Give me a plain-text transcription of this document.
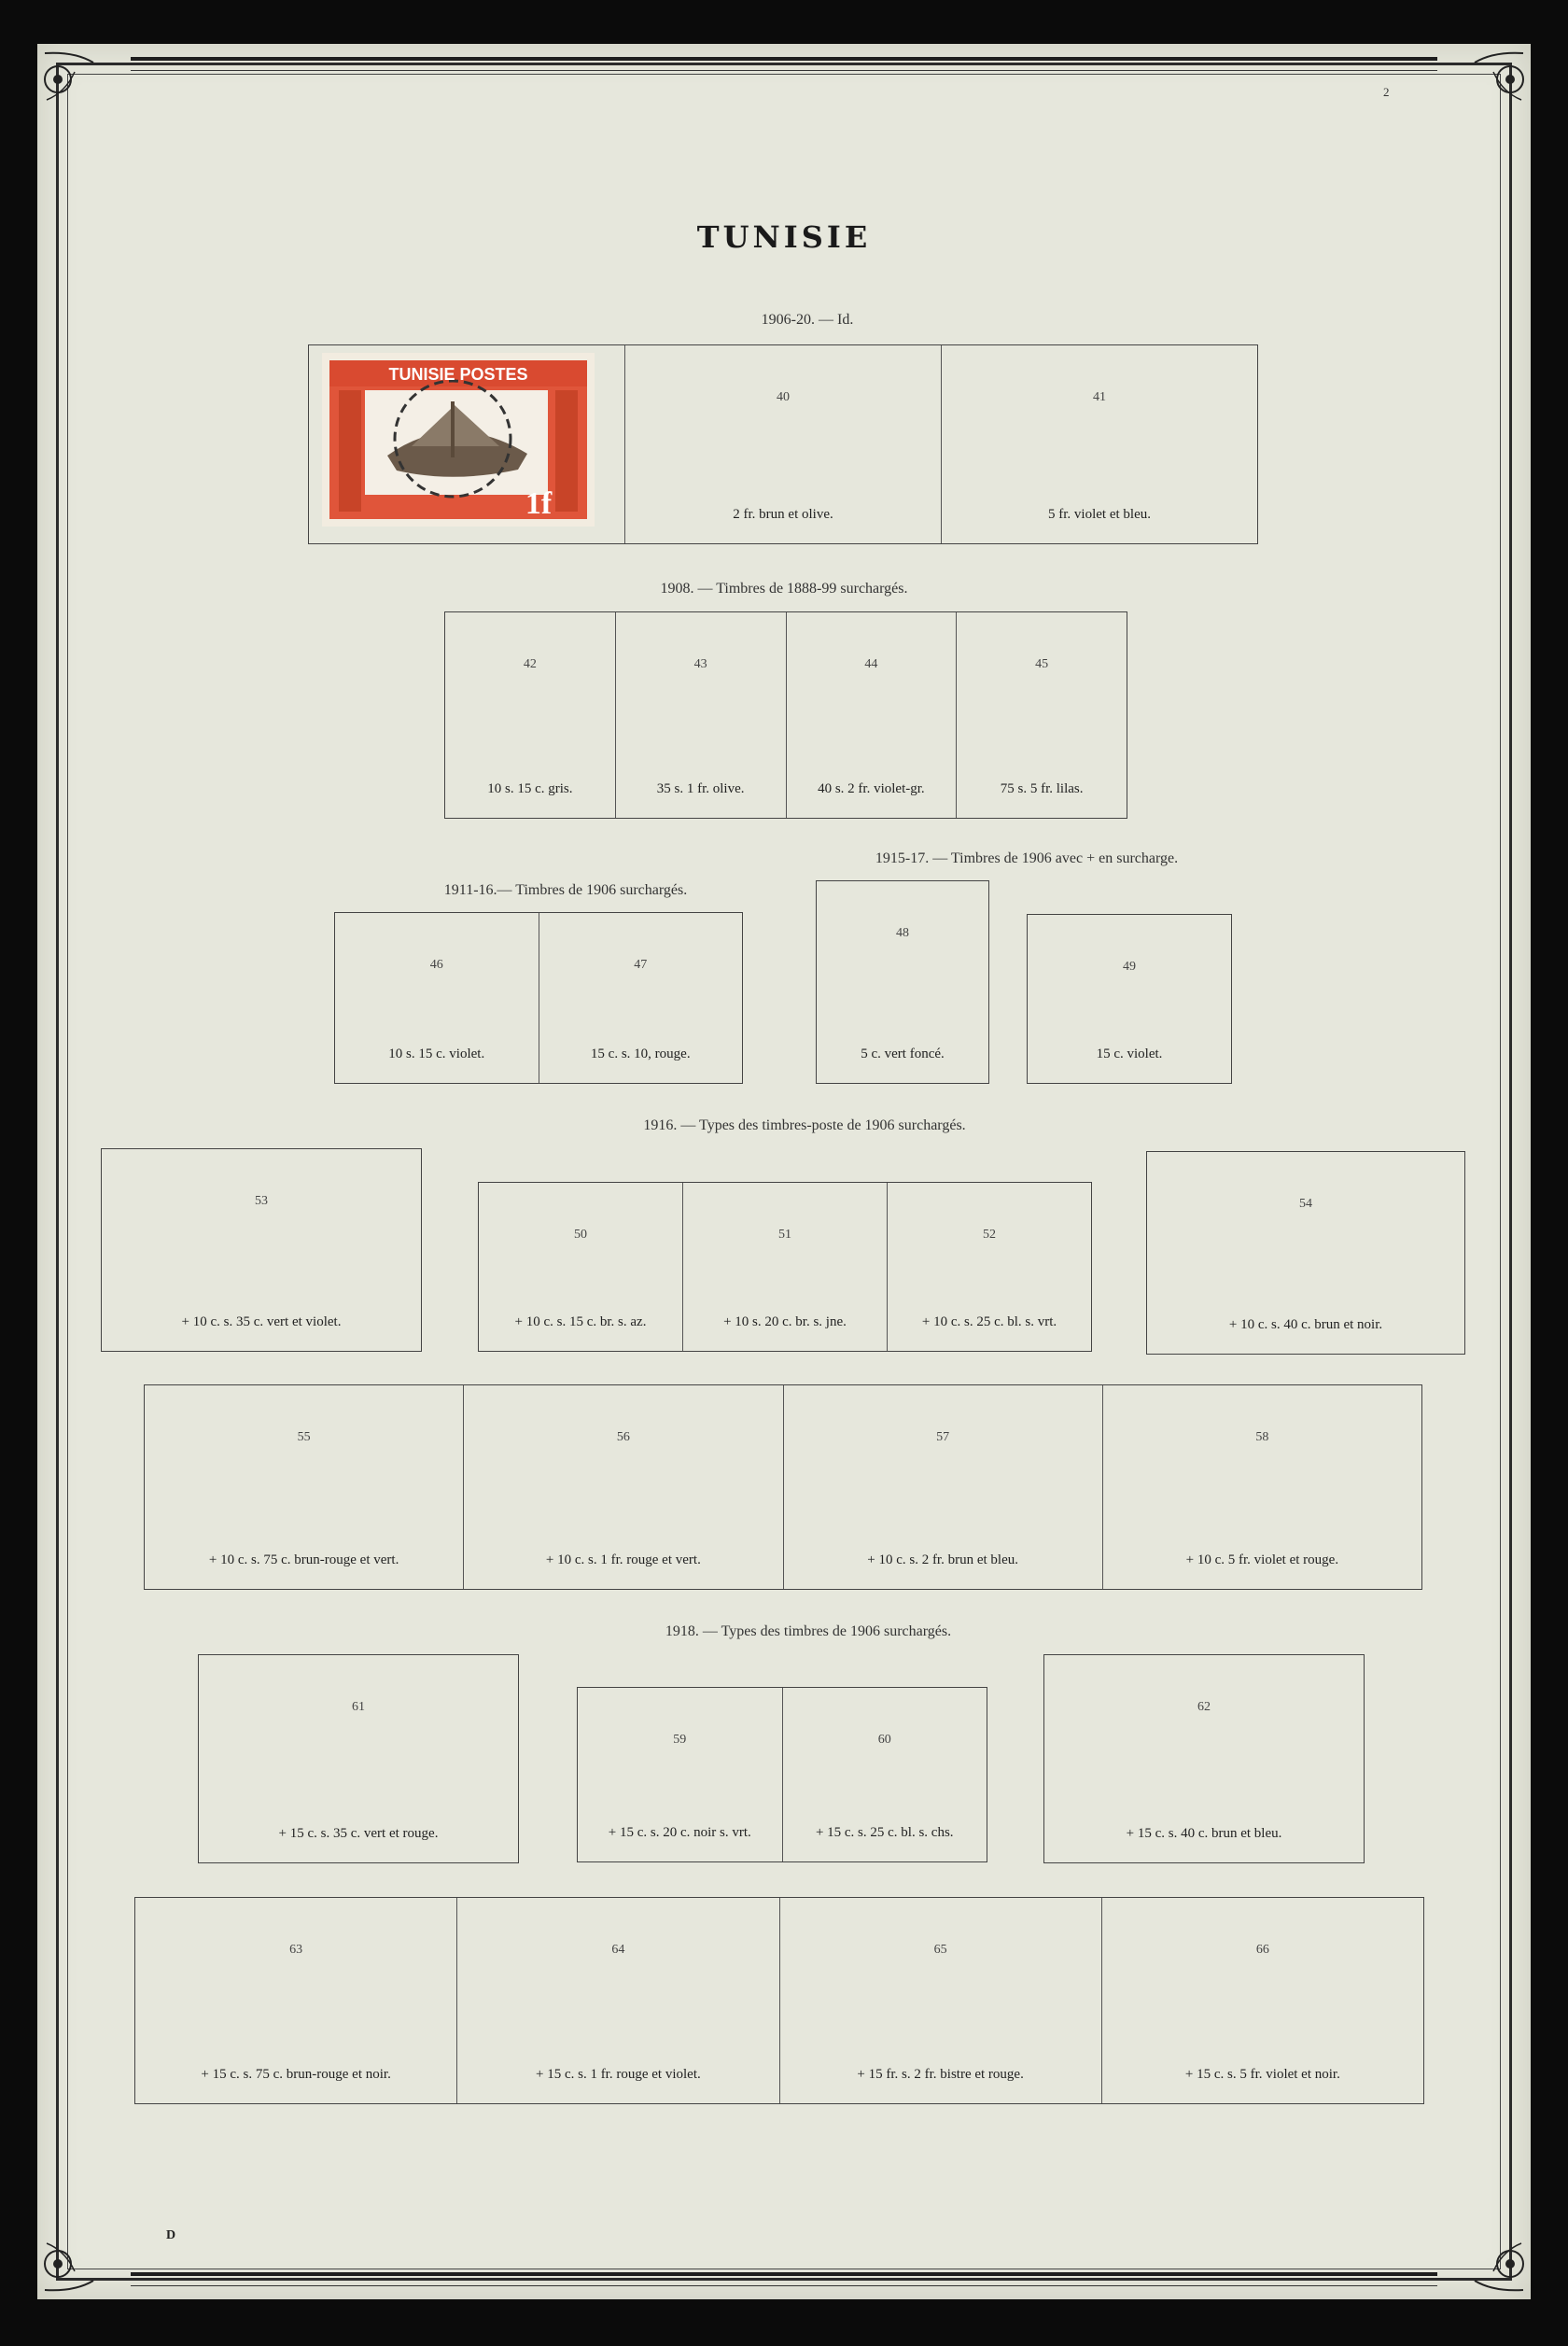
2
D
TUNISIE
1906-20. — Id.
TUNISIE POSTES
1f
40
2 fr. brun et olive.
41
5 fr. violet et bleu.
1908. — Timbres de 1888-99 surchargés.
42
10 s. 15 c. gris.
43
35 s. 1 fr. olive.
44
40 s. 2 fr. violet-gr.
45
75 s. 5 fr. lilas.
1911-16.— Timbres de 1906 surchargés.
46
10 s. 15 c. violet.
47
15 c. s. 10, rouge.
1915-17. — Timbres de 1906 avec + en surcharge.
48
5 c. vert foncé.
49
15 c. violet.
1916. — Types des timbres-poste de 1906 surchargés.
53
+ 10 c. s. 35 c. vert et violet.
50
+ 10 c. s. 15 c. br. s. az.
51
+ 10 s. 20 c. br. s. jne.
52
+ 10 c. s. 25 c. bl. s. vrt.
54
+ 10 c. s. 40 c. brun et noir.
55
+ 10 c. s. 75 c. brun-rouge et vert.
56
+ 10 c. s. 1 fr. rouge et vert.
57
+ 10 c. s. 2 fr. brun et bleu.
58
+ 10 c. 5 fr. violet et rouge.
1918. — Types des timbres de 1906 surchargés.
61
+ 15 c. s. 35 c. vert et rouge.
59
+ 15 c. s. 20 c. noir s. vrt.
60
+ 15 c. s. 25 c. bl. s. chs.
62
+ 15 c. s. 40 c. brun et bleu.
63
+ 15 c. s. 75 c. brun-rouge et noir.
64
+ 15 c. s. 1 fr. rouge et violet.
65
+ 15 fr. s. 2 fr. bistre et rouge.
66
+ 15 c. s. 5 fr. violet et noir.
